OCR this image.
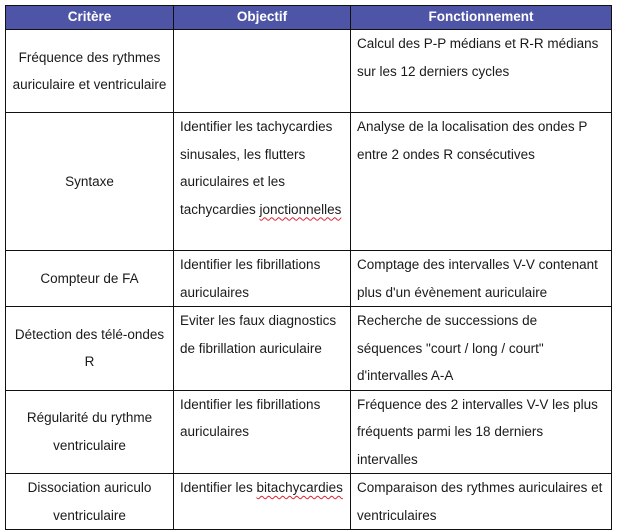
Critère	Objectif	Fonctionnement
Fréquence des rythmes auriculaire et ventriculaire		Calcul des P-P médians et R-R médians sur les 12 derniers cycles
Syntaxe	Identifier les tachycardies sinusales, les flutters auriculaires et les tachycardies jonctionnelles	Analyse de la localisation des ondes P entre 2 ondes R consécutives
Compteur de FA	Identifier les fibrillations auriculaires	Comptage des intervalles V-V contenant plus d'un évènement auriculaire
Détection des télé-ondes R	Eviter les faux diagnostics de fibrillation auriculaire	Recherche de successions de séquences "court / long / court" d'intervalles A-A
Régularité du rythme ventriculaire	Identifier les fibrillations auriculaires	Fréquence des 2 intervalles V-V les plus fréquents parmi les 18 derniers intervalles
Dissociation auriculo ventriculaire	Identifier les bitachycardies	Comparaison des rythmes auriculaires et ventriculaires
